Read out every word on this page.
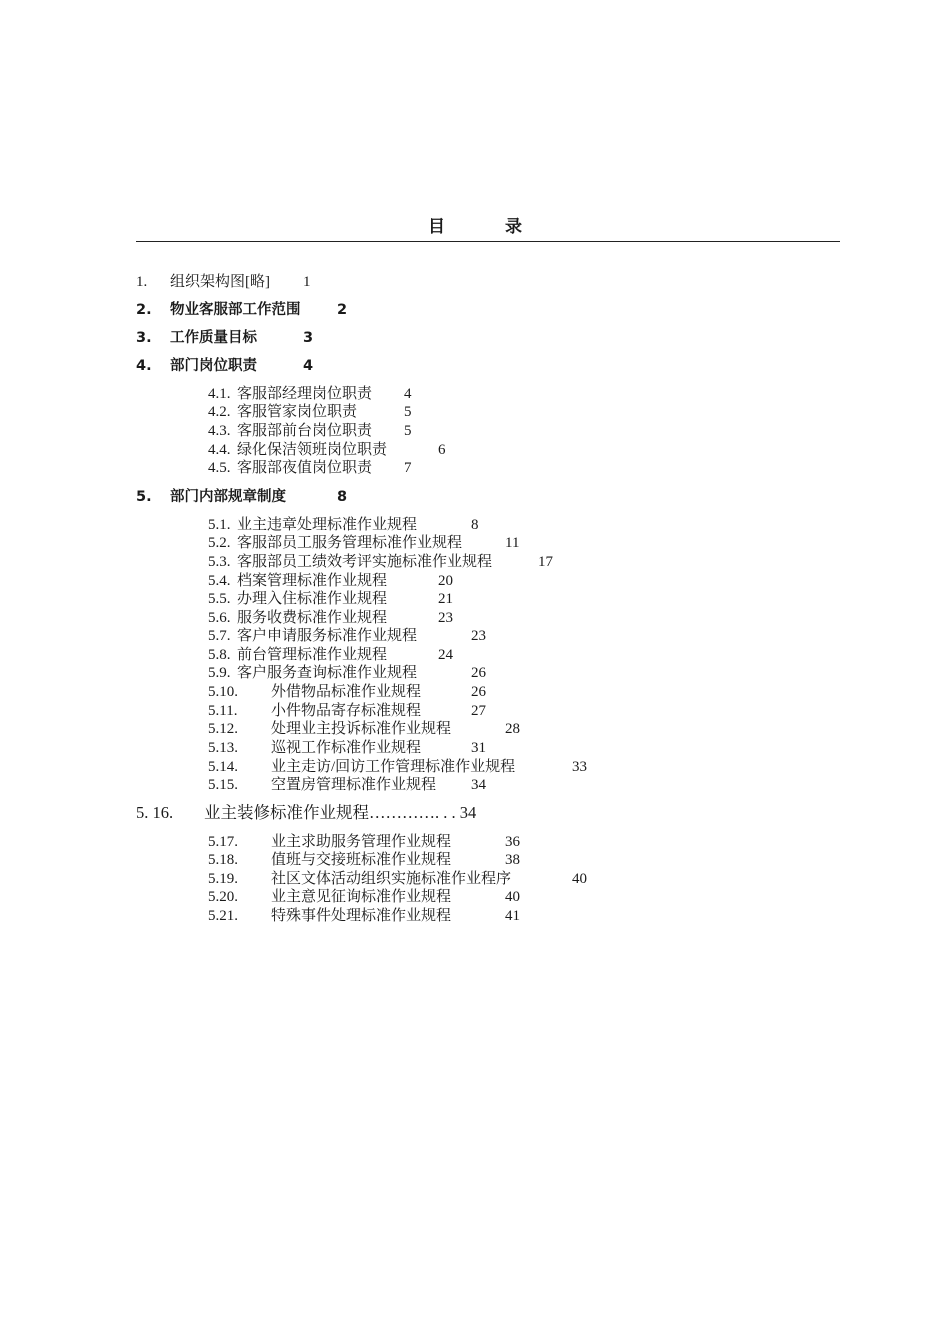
目	录
1. 组织架构图[略] 1
2. 物业客服部工作范围	2
3. 工作质量目标	3
4. 部门岗位职责	4
4.1. 客服部经理岗位职责 4
4.2. 客服管家岗位职责	5
4.3. 客服部前台岗位职责 5
4.4. 绿化保洁领班岗位职责	6
4.5. 客服部夜值岗位职责 7
5. 部门内部规章制度	8
5.1. 业主违章处理标准作业规程	8
5.2. 客服部员工服务管理标准作业规程	11
5.3. 客服部员工绩效考评实施标准作业规程	17
5.4. 档案管理标准作业规程	20
5.5. 办理入住标准作业规程	21
5.6. 服务收费标准作业规程	23
5.7. 客户申请服务标准作业规程	23
5.8. 前台管理标准作业规程	24
5.9. 客户服务查询标准作业规程	26
5.10. 外借物品标准作业规程	26
5.11. 小件物品寄存标准规程	27
5.12. 处理业主投诉标准作业规程	28
5.13. 巡视工作标准作业规程	31
5.14. 业主走访/回访工作管理标准作业规程	33
5.15. 空置房管理标准作业规程 34
5. 16. 业主装修标准作业规程…………. . . 34
5.17. 业主求助服务管理作业规程	36
5.18. 值班与交接班标准作业规程	38
5.19. 社区文体活动组织实施标准作业程序	40
5.20. 业主意见征询标准作业规程	40
5.21. 特殊事件处理标准作业规程	41
